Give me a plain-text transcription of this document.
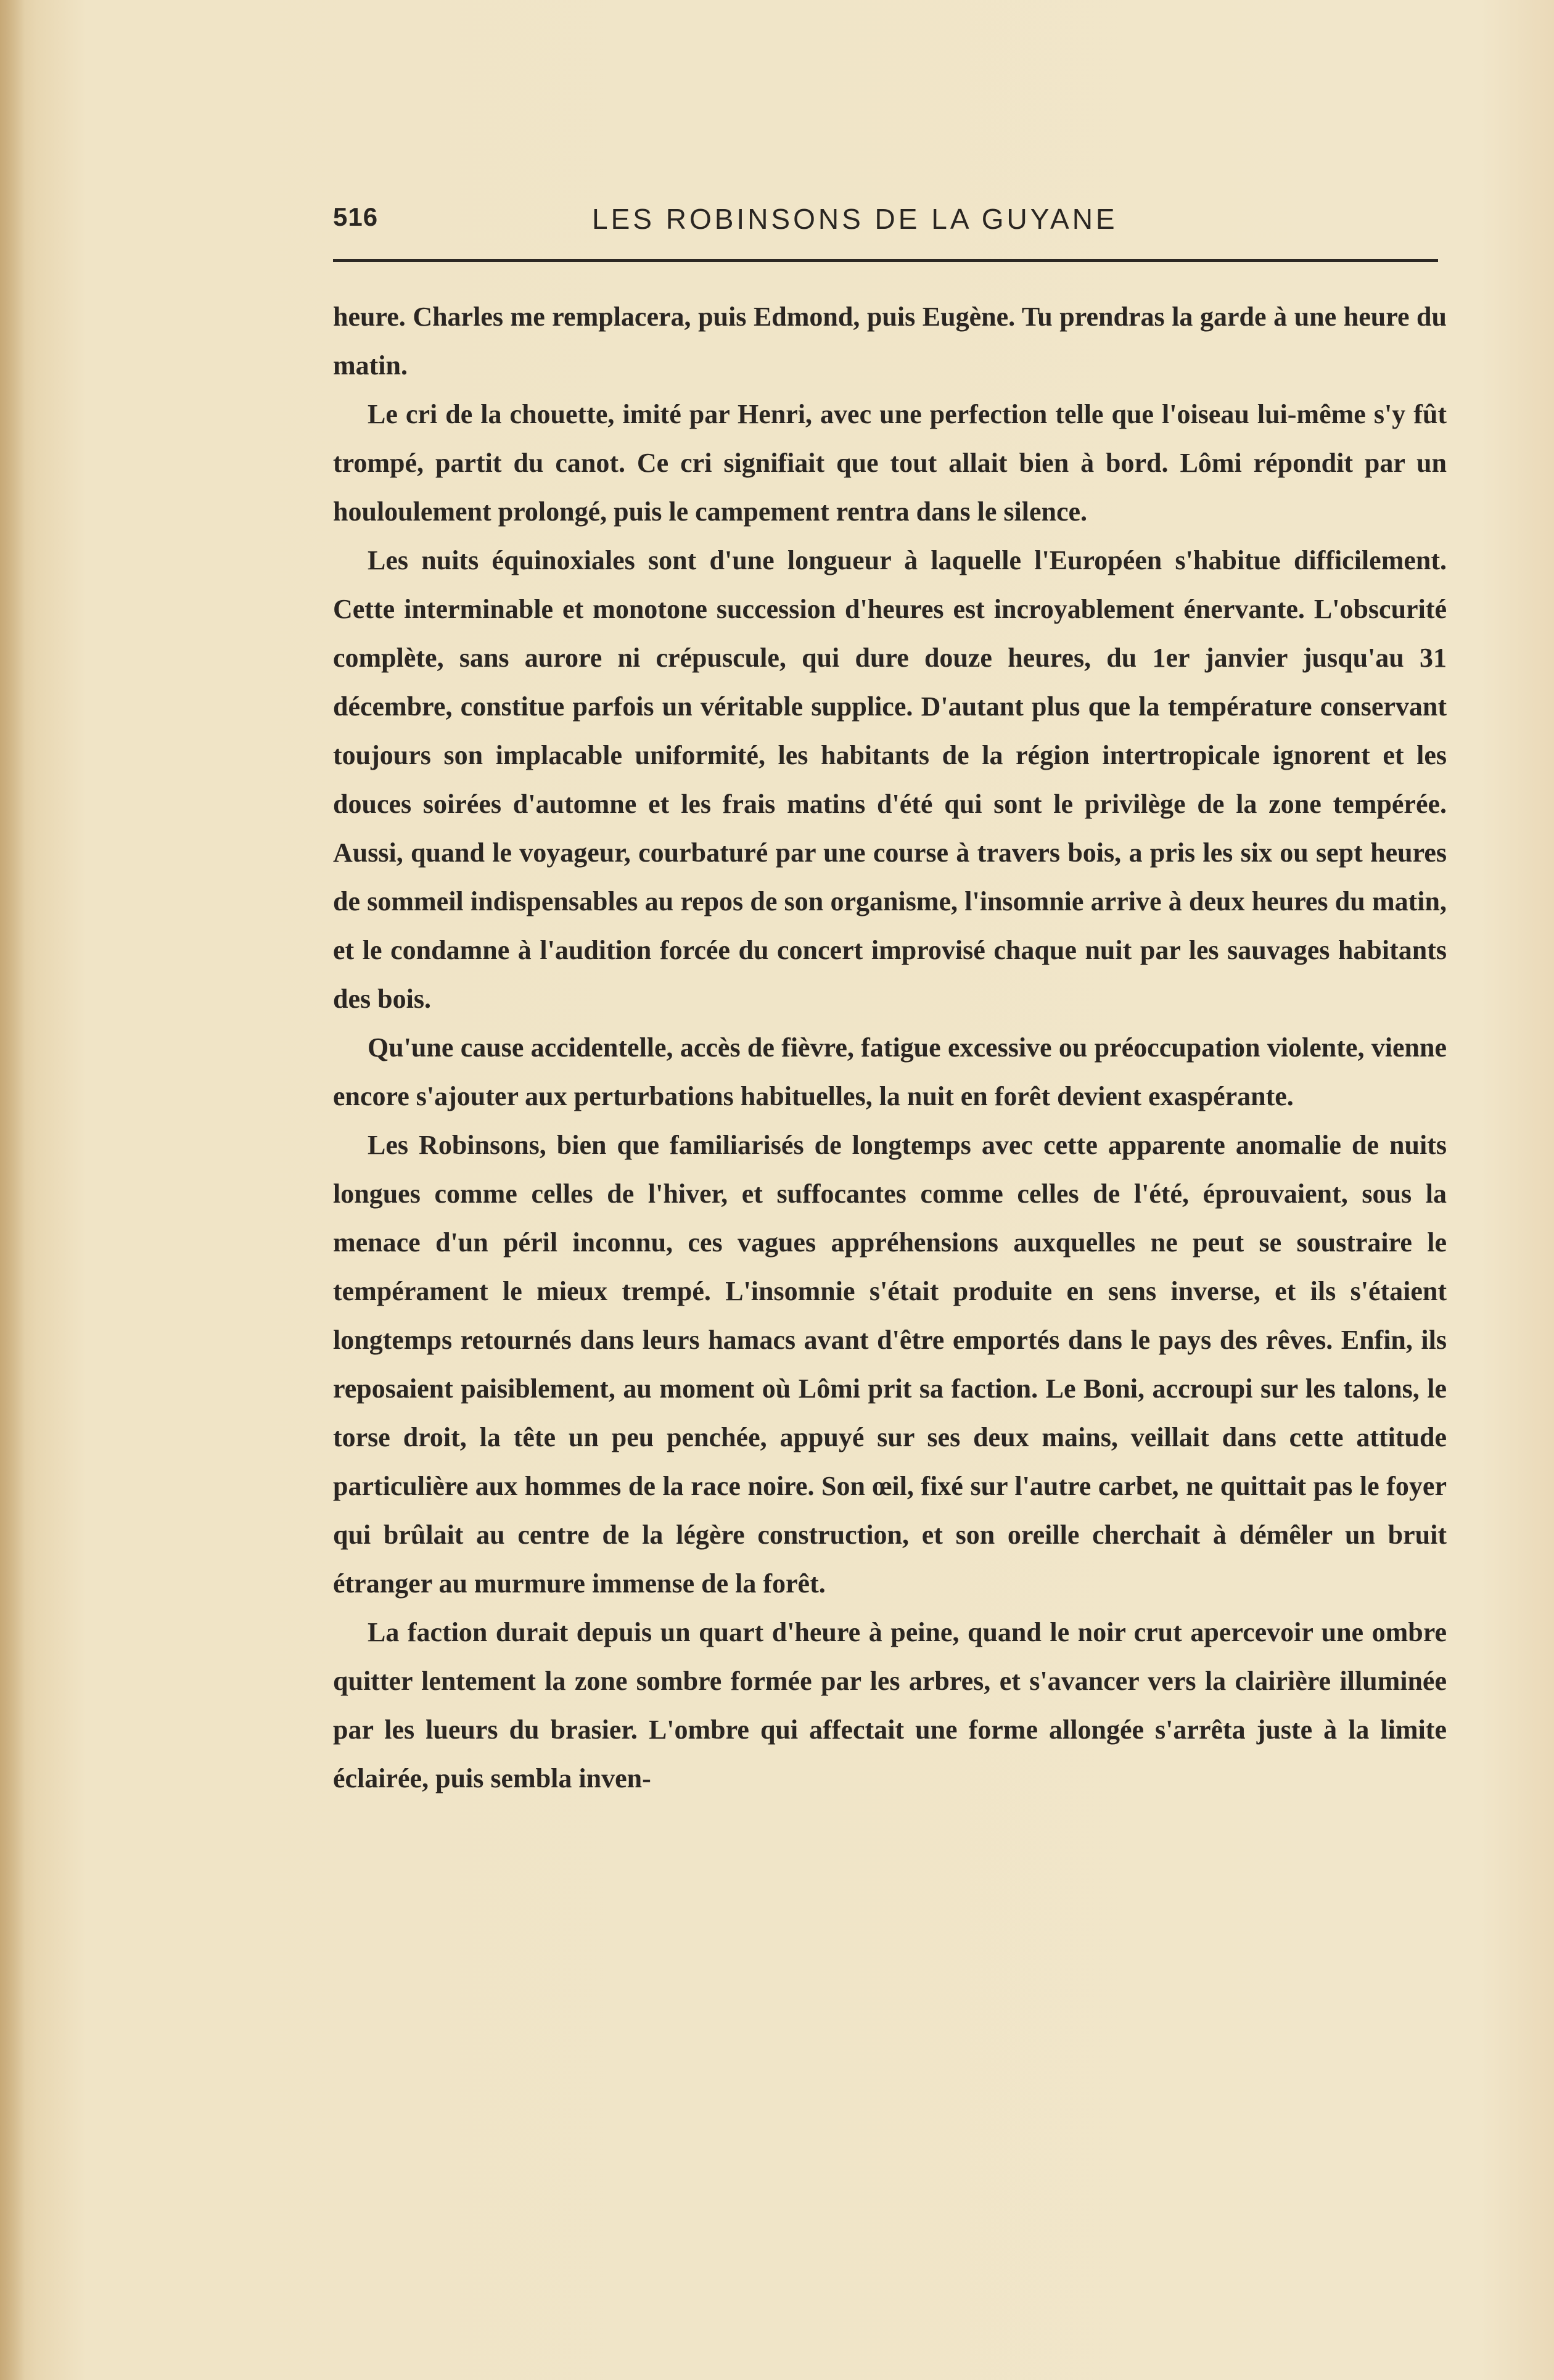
516	LES ROBINSONS DE LA GUYANE

heure. Charles me remplacera, puis Edmond, puis Eugène. Tu prendras la garde à une heure du matin.

Le cri de la chouette, imité par Henri, avec une perfection telle que l'oiseau lui-même s'y fût trompé, partit du canot. Ce cri signifiait que tout allait bien à bord. Lômi répondit par un houloulement prolongé, puis le campement rentra dans le silence.

Les nuits équinoxiales sont d'une longueur à laquelle l'Européen s'habitue difficilement. Cette interminable et monotone succession d'heures est incroyablement énervante. L'obscurité complète, sans aurore ni crépuscule, qui dure douze heures, du 1er janvier jusqu'au 31 décembre, constitue parfois un véritable supplice. D'autant plus que la température conservant toujours son implacable uniformité, les habitants de la région intertropicale ignorent et les douces soirées d'automne et les frais matins d'été qui sont le privilège de la zone tempérée. Aussi, quand le voyageur, courbaturé par une course à travers bois, a pris les six ou sept heures de sommeil indispensables au repos de son organisme, l'insomnie arrive à deux heures du matin, et le condamne à l'audition forcée du concert improvisé chaque nuit par les sauvages habitants des bois.

Qu'une cause accidentelle, accès de fièvre, fatigue excessive ou préoccupation violente, vienne encore s'ajouter aux perturbations habituelles, la nuit en forêt devient exaspérante.

Les Robinsons, bien que familiarisés de longtemps avec cette apparente anomalie de nuits longues comme celles de l'hiver, et suffocantes comme celles de l'été, éprouvaient, sous la menace d'un péril inconnu, ces vagues appréhensions auxquelles ne peut se soustraire le tempérament le mieux trempé. L'insomnie s'était produite en sens inverse, et ils s'étaient longtemps retournés dans leurs hamacs avant d'être emportés dans le pays des rêves. Enfin, ils reposaient paisiblement, au moment où Lômi prit sa faction. Le Boni, accroupi sur les talons, le torse droit, la tête un peu penchée, appuyé sur ses deux mains, veillait dans cette attitude particulière aux hommes de la race noire. Son œil, fixé sur l'autre carbet, ne quittait pas le foyer qui brûlait au centre de la légère construction, et son oreille cherchait à démêler un bruit étranger au murmure immense de la forêt.

La faction durait depuis un quart d'heure à peine, quand le noir crut apercevoir une ombre quitter lentement la zone sombre formée par les arbres, et s'avancer vers la clairière illuminée par les lueurs du brasier. L'ombre qui affectait une forme allongée s'arrêta juste à la limite éclairée, puis sembla inven-
